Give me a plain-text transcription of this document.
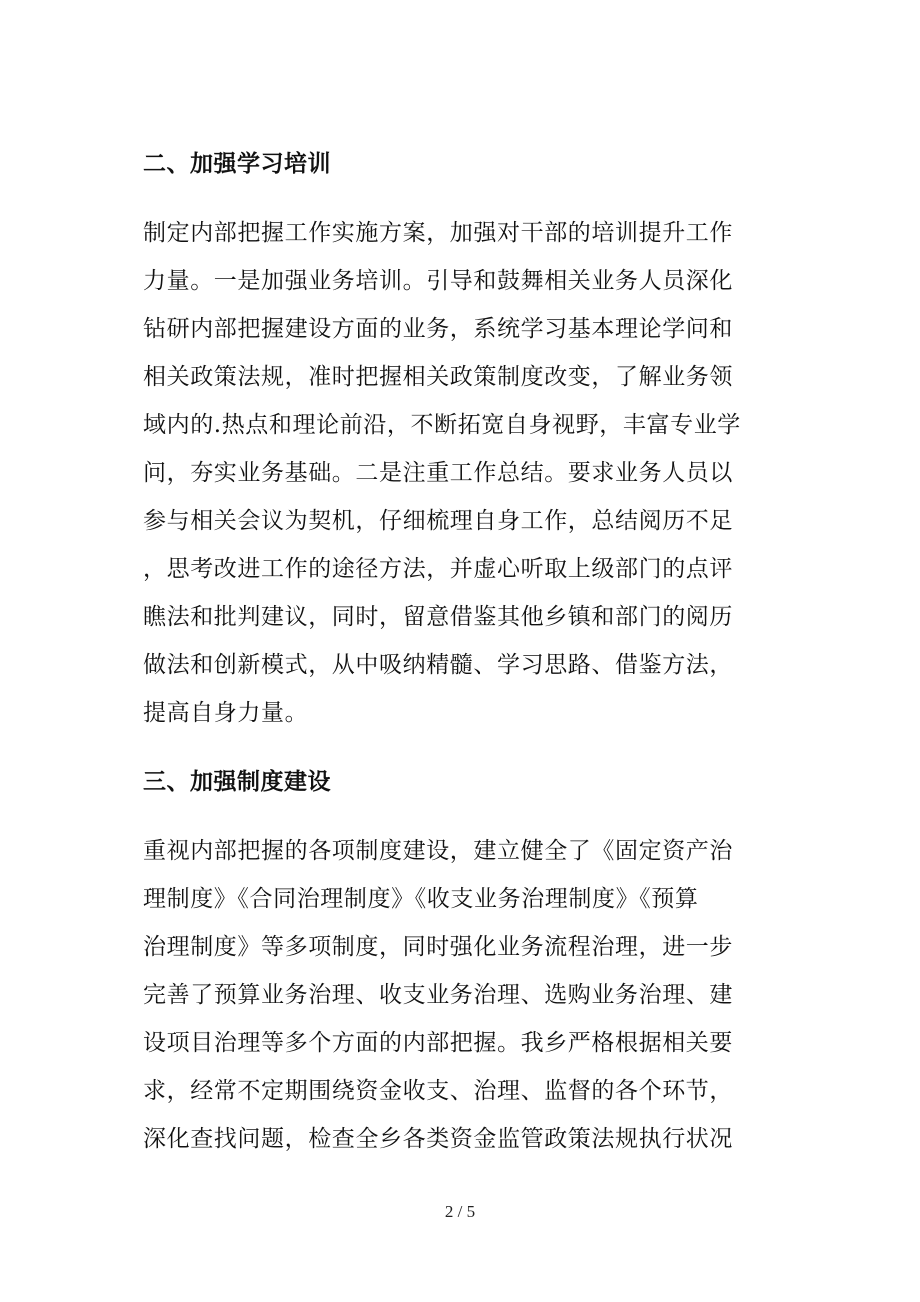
二、加强学习培训
制定内部把握工作实施方案，加强对干部的培训提升工作
力量。一是加强业务培训。引导和鼓舞相关业务人员深化
钻研内部把握建设方面的业务，系统学习基本理论学问和
相关政策法规，准时把握相关政策制度改变，了解业务领
域内的.热点和理论前沿，不断拓宽自身视野，丰富专业学
问，夯实业务基础。二是注重工作总结。要求业务人员以
参与相关会议为契机，仔细梳理自身工作，总结阅历不足
，思考改进工作的途径方法，并虚心听取上级部门的点评
瞧法和批判建议，同时，留意借鉴其他乡镇和部门的阅历
做法和创新模式，从中吸纳精髓、学习思路、借鉴方法，
提高自身力量。
三、加强制度建设
重视内部把握的各项制度建设，建立健全了《固定资产治
理制度》《合同治理制度》《收支业务治理制度》《预算
治理制度》等多项制度，同时强化业务流程治理，进一步
完善了预算业务治理、收支业务治理、选购业务治理、建
设项目治理等多个方面的内部把握。我乡严格根据相关要
求，经常不定期围绕资金收支、治理、监督的各个环节，
深化查找问题，检查全乡各类资金监管政策法规执行状况
2 / 5
